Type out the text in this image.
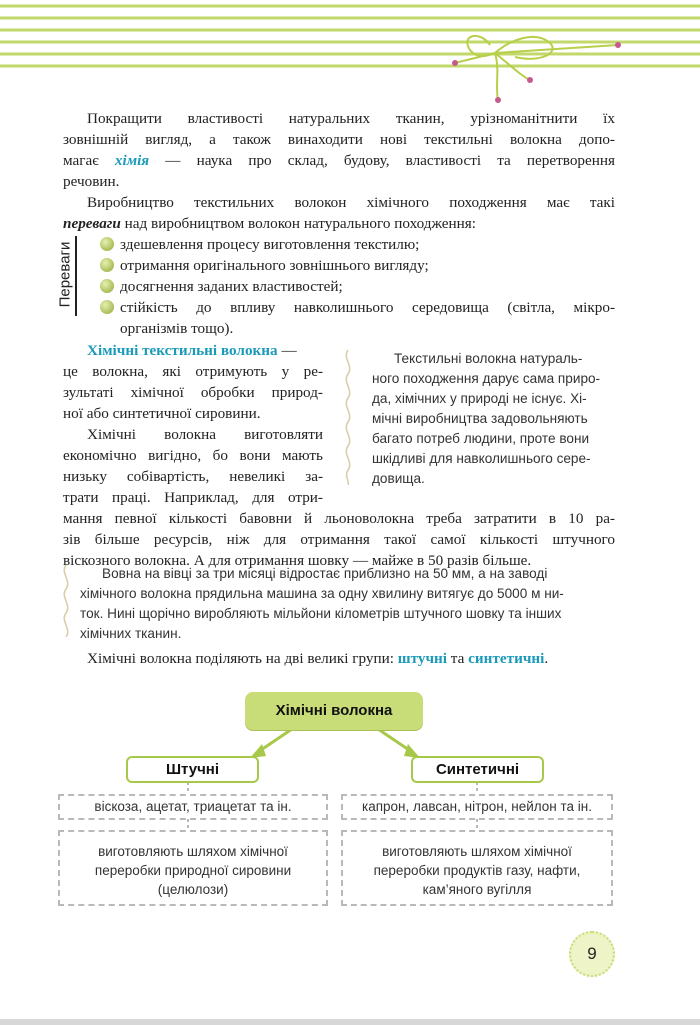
Покращити властивості натуральних тканин, урізноманітнити їх
зовнішній вигляд, а також винаходити нові текстильні волокна допо-
магає хімія — наука про склад, будову, властивості та перетворення
речовин.
Виробництво текстильних волокон хімічного походження має такі
переваги над виробництвом волокон натурального походження:
Переваги	здешевлення процесу виготовлення текстилю;
отримання оригінального зовнішнього вигляду;
досягнення заданих властивостей;
стійкість до впливу навколишнього середовища (світла, мікро-
організмів тощо).
Хімічні текстильні волокна —
це волокна, які отримують у ре-
зультаті хімічної обробки природ-
ної або синтетичної сировини.
Хімічні волокна виготовляти
економічно вигідно, бо вони мають
низьку собівартість, невеликі за-
трати праці. Наприклад, для отри-
мання певної кількості бавовни й льоноволокна треба затратити в 10 ра-
зів більше ресурсів, ніж для отримання такої самої кількості штучного
віскозного волокна. А для отримання шовку — майже в 50 разів більше.
Текстильні волокна натураль-
ного походження дарує сама приро-
да, хімічних у природі не існує. Хі-
мічні виробництва задовольняють
багато потреб людини, проте вони
шкідливі для навколишнього сере-
довища.
Вовна на вівці за три місяці відростає приблизно на 50 мм, а на заводі
хімічного волокна прядильна машина за одну хвилину витягує до 5000 м ни-
ток. Нині щорічно виробляють мільйони кілометрів штучного шовку та інших
хімічних тканин.
Хімічні волокна поділяють на дві великі групи: штучні та синтетичні.
Хімічні волокна
Штучні	Синтетичні
віскоза, ацетат, триацетат та ін.	капрон, лавсан, нітрон, нейлон та ін.
виготовляють шляхом хімічної
переробки природної сировини
(целюлози)
виготовляють шляхом хімічної
переробки продуктів газу, нафти,
кам’яного вугілля
9
